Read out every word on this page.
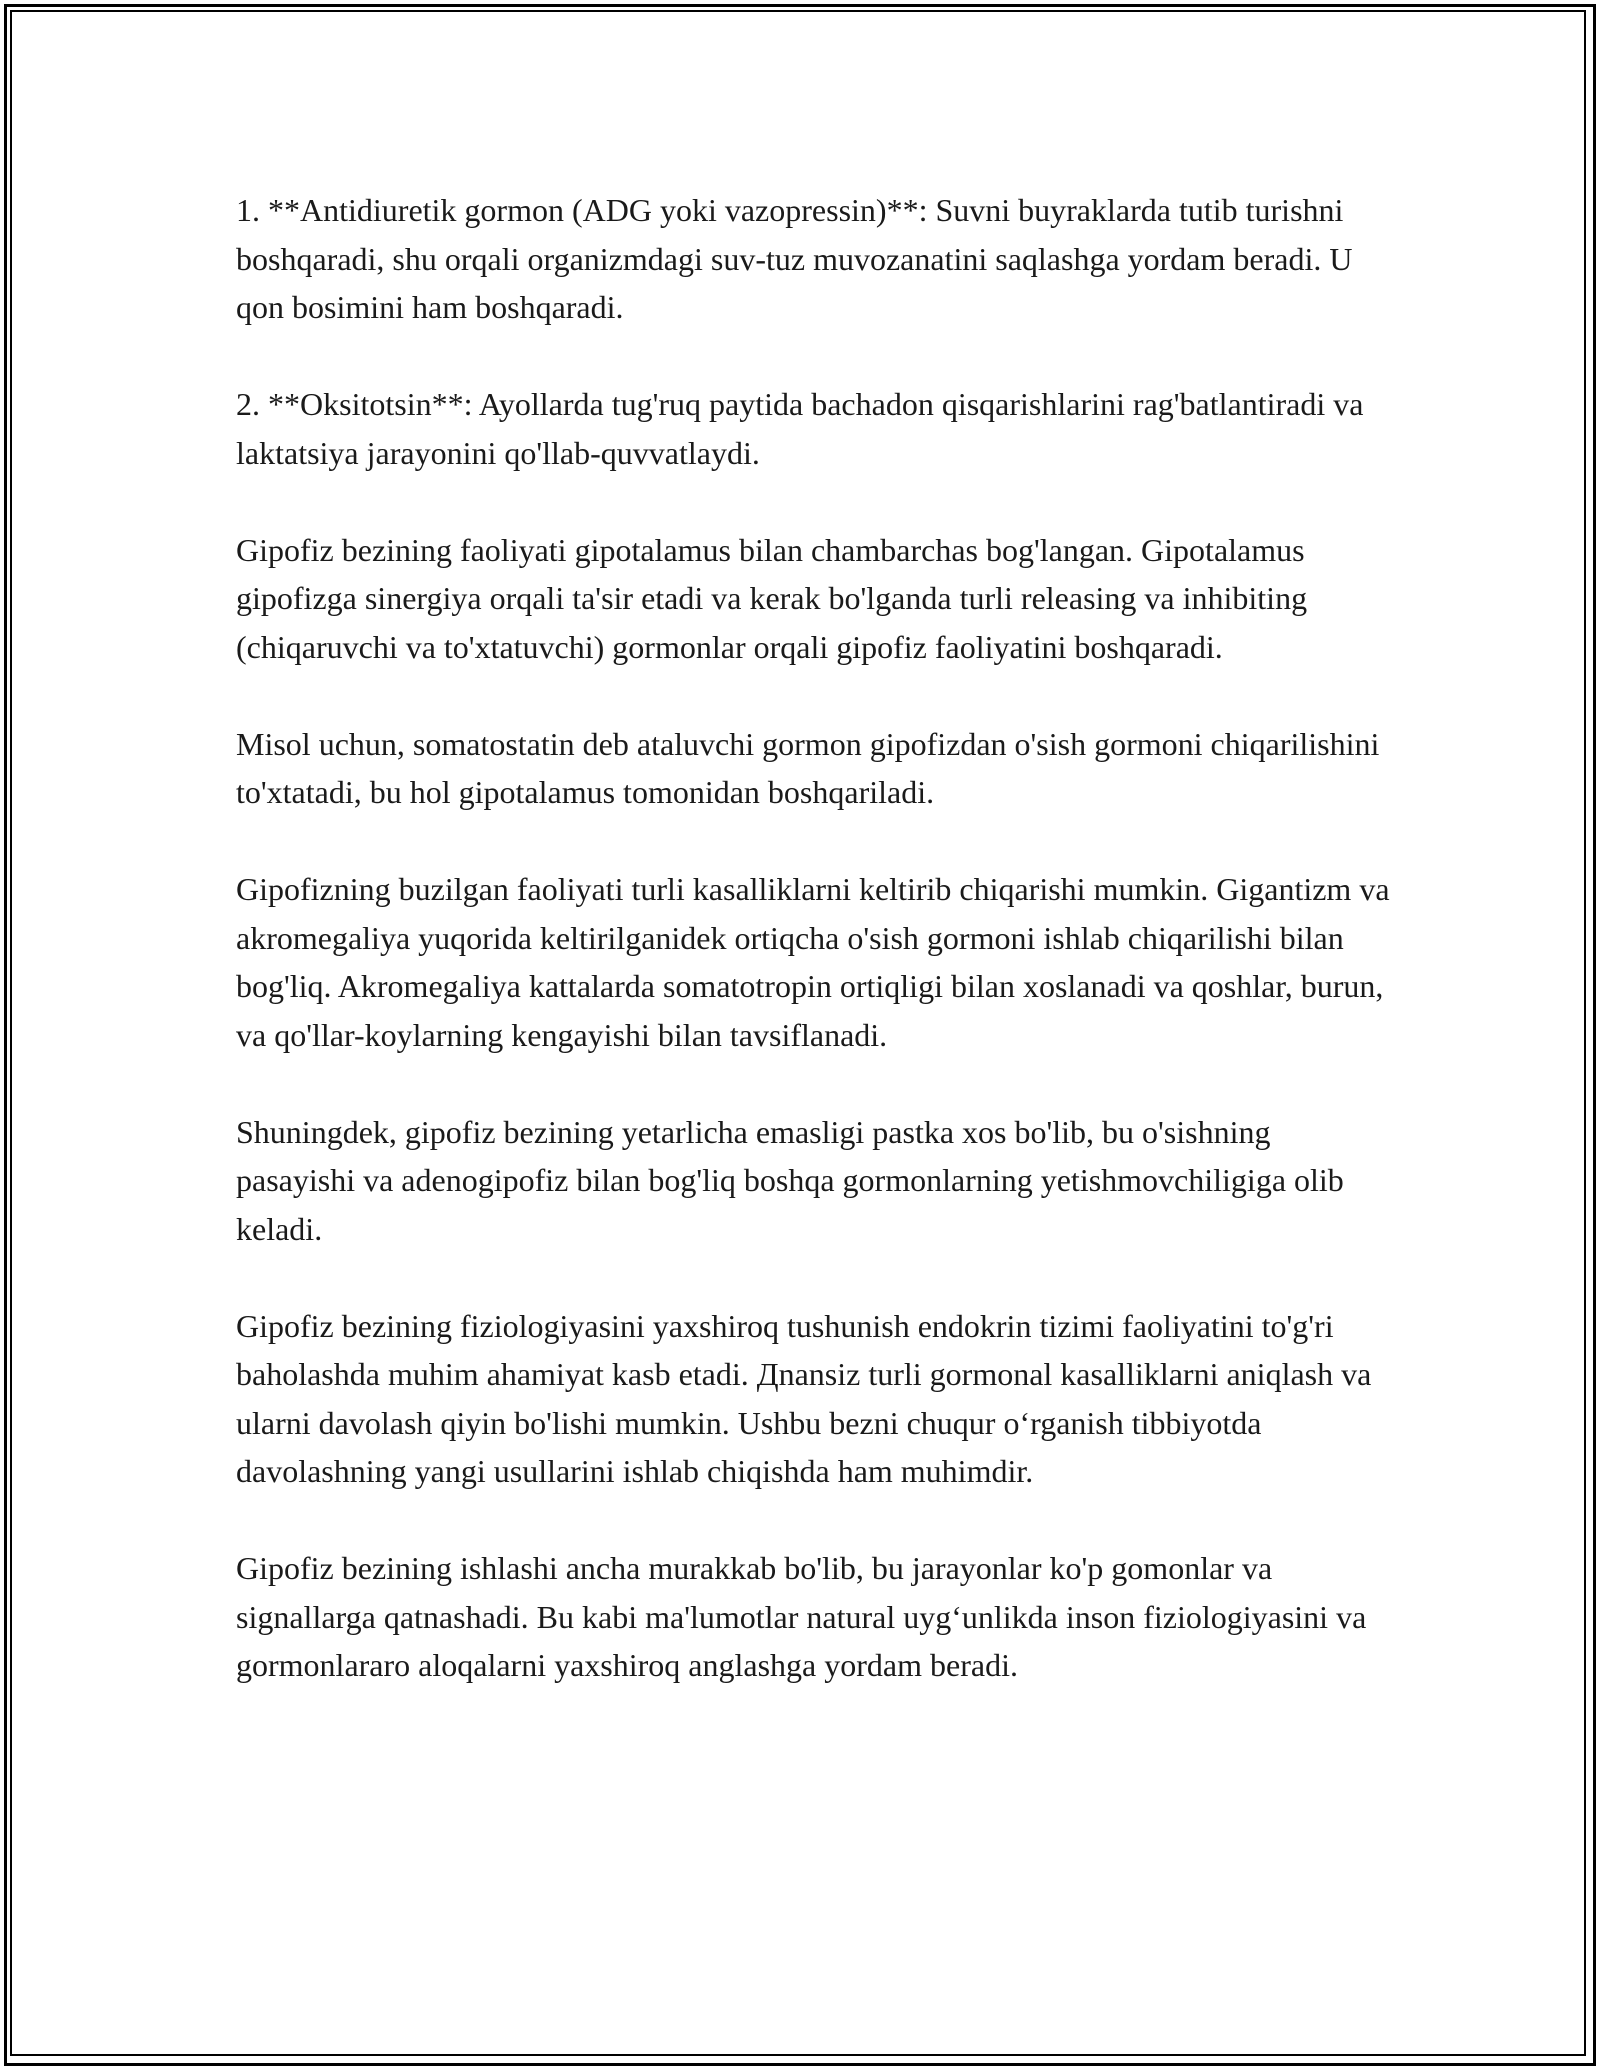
1. **Antidiuretik gormon (ADG yoki vazopressin)**: Suvni buyraklarda tutib turishni boshqaradi, shu orqali organizmdagi suv-tuz muvozanatini saqlashga yordam beradi. U qon bosimini ham boshqaradi.

2. **Oksitotsin**: Ayollarda tug'ruq paytida bachadon qisqarishlarini rag'batlantiradi va laktatsiya jarayonini qo'llab-quvvatlaydi.

Gipofiz bezining faoliyati gipotalamus bilan chambarchas bog'langan. Gipotalamus gipofizga sinergiya orqali ta'sir etadi va kerak bo'lganda turli releasing va inhibiting (chiqaruvchi va to'xtatuvchi) gormonlar orqali gipofiz faoliyatini boshqaradi.

Misol uchun, somatostatin deb ataluvchi gormon gipofizdan o'sish gormoni chiqarilishini to'xtatadi, bu hol gipotalamus tomonidan boshqariladi.

Gipofizning buzilgan faoliyati turli kasalliklarni keltirib chiqarishi mumkin. Gigantizm va akromegaliya yuqorida keltirilganidek ortiqcha o'sish gormoni ishlab chiqarilishi bilan bog'liq. Akromegaliya kattalarda somatotropin ortiqligi bilan xoslanadi va qoshlar, burun, va qo'llar-koylarning kengayishi bilan tavsiflanadi.

Shuningdek, gipofiz bezining yetarlicha emasligi pastka xos bo'lib, bu o'sishning pasayishi va adenogipofiz bilan bog'liq boshqa gormonlarning yetishmovchiligiga olib keladi.

Gipofiz bezining fiziologiyasini yaxshiroq tushunish endokrin tizimi faoliyatini to'g'ri baholashda muhim ahamiyat kasb etadi. Дnansiz turli gormonal kasalliklarni aniqlash va ularni davolash qiyin bo'lishi mumkin. Ushbu bezni chuqur o‘rganish tibbiyotda davolashning yangi usullarini ishlab chiqishda ham muhimdir.

Gipofiz bezining ishlashi ancha murakkab bo'lib, bu jarayonlar ko'p gomonlar va signallarga qatnashadi. Bu kabi ma'lumotlar natural uyg‘unlikda inson fiziologiyasini va gormonlararo aloqalarni yaxshiroq anglashga yordam beradi.
